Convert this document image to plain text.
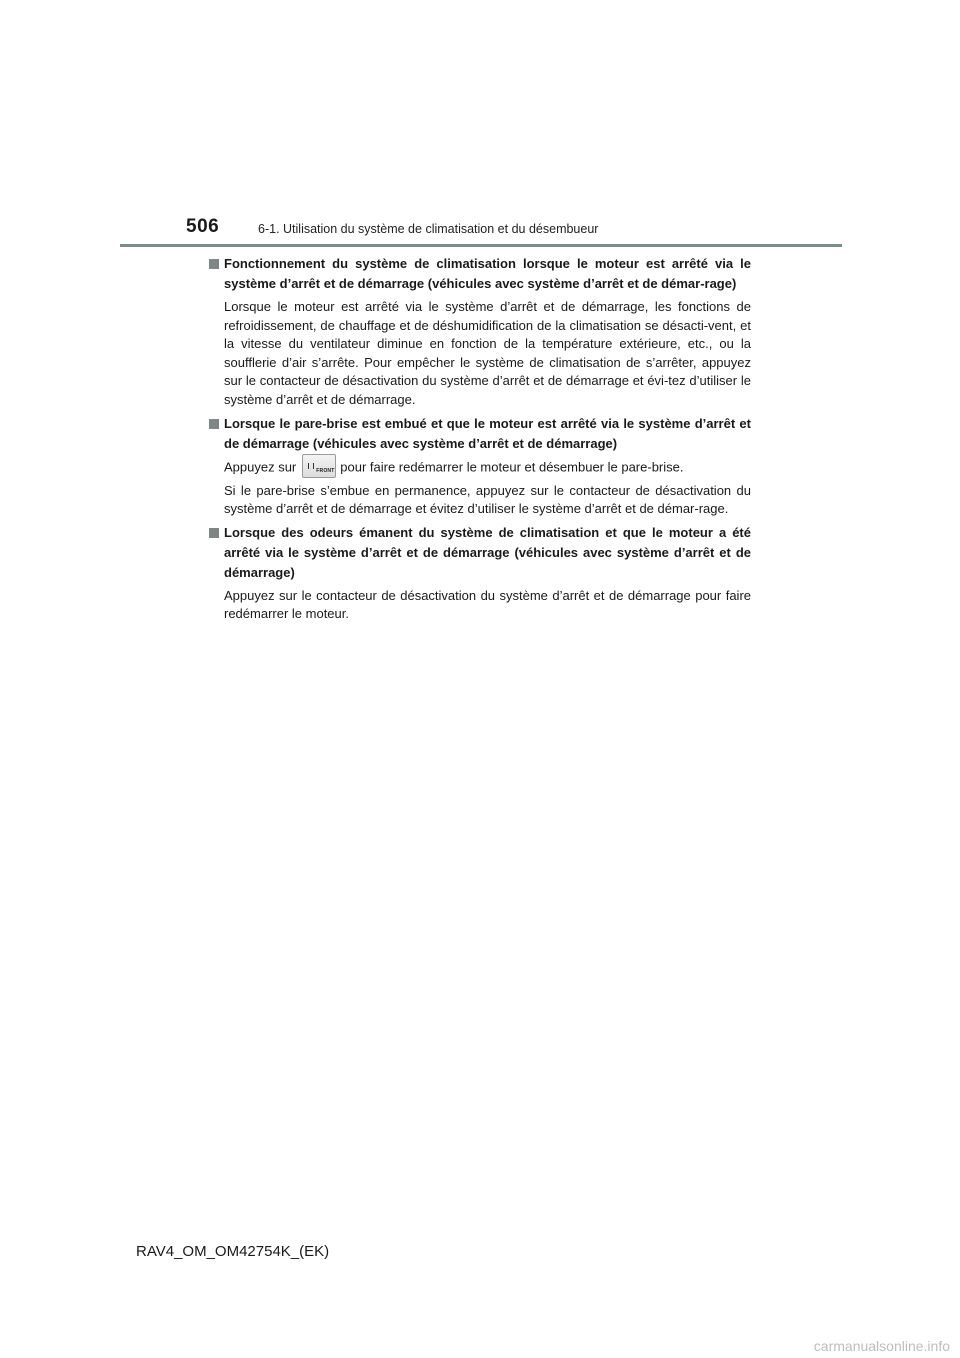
506	6-1. Utilisation du système de climatisation et du désembueur
Fonctionnement du système de climatisation lorsque le moteur est arrêté via le système d’arrêt et de démarrage (véhicules avec système d’arrêt et de démar-rage)

Lorsque le moteur est arrêté via le système d’arrêt et de démarrage, les fonctions de refroidissement, de chauffage et de déshumidification de la climatisation se désacti-vent, et la vitesse du ventilateur diminue en fonction de la température extérieure, etc., ou la soufflerie d’air s’arrête. Pour empêcher le système de climatisation de s’arrêter, appuyez sur le contacteur de désactivation du système d’arrêt et de démarrage et évi-tez d’utiliser le système d’arrêt et de démarrage.

Lorsque le pare-brise est embué et que le moteur est arrêté via le système d’arrêt et de démarrage (véhicules avec système d’arrêt et de démarrage)

Appuyez sur	FRONT pour faire redémarrer le moteur et désembuer le pare-brise.

Si le pare-brise s’embue en permanence, appuyez sur le contacteur de désactivation du système d’arrêt et de démarrage et évitez d’utiliser le système d’arrêt et de démar-rage.

Lorsque des odeurs émanent du système de climatisation et que le moteur a été arrêté via le système d’arrêt et de démarrage (véhicules avec système d’arrêt et de démarrage)

Appuyez sur le contacteur de désactivation du système d’arrêt et de démarrage pour faire redémarrer le moteur.

RAV4_OM_OM42754K_(EK)
carmanualsonline.info
